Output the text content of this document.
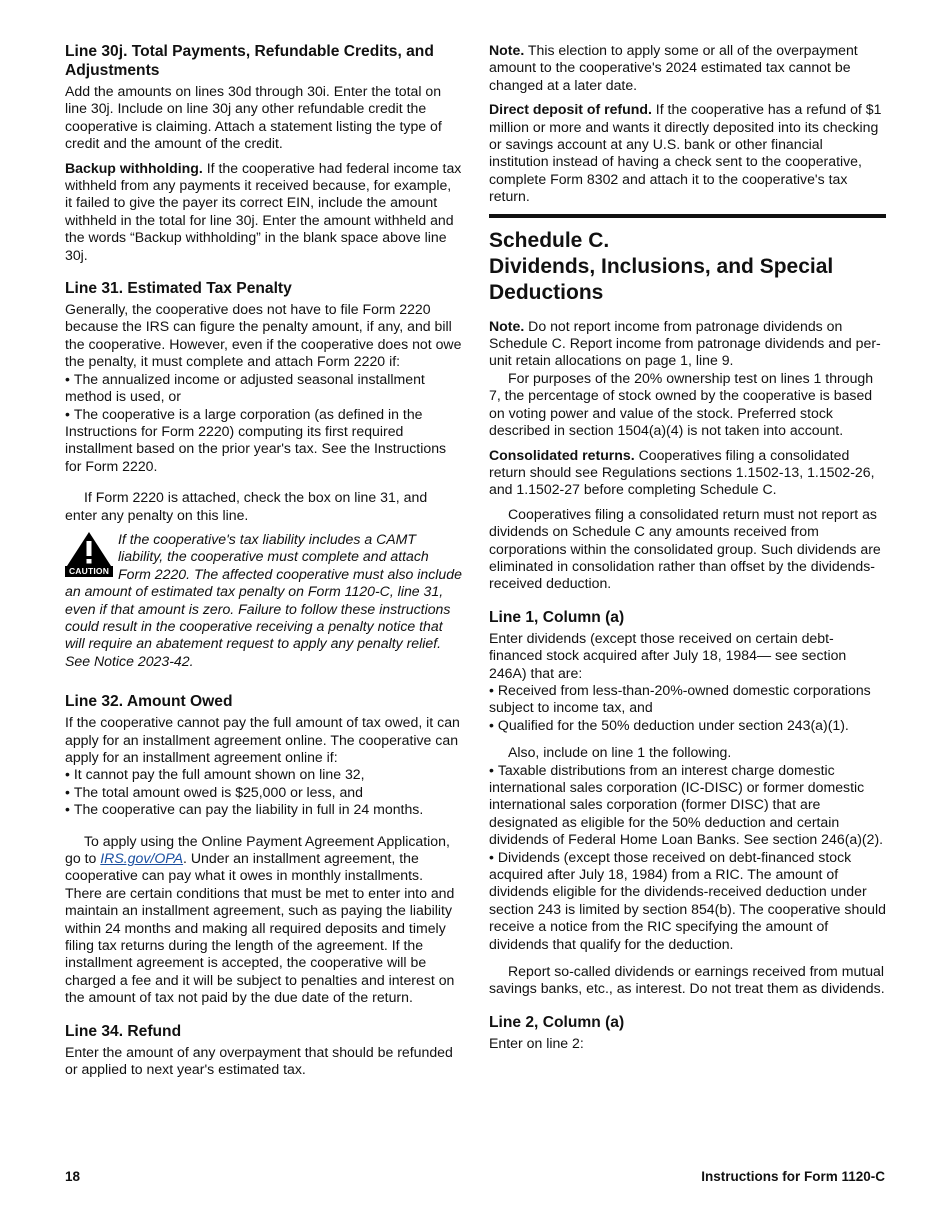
Line 30j. Total Payments, Refundable Credits, and Adjustments

Add the amounts on lines 30d through 30i. Enter the total on line 30j. Include on line 30j any other refundable credit the cooperative is claiming. Attach a statement listing the type of credit and the amount of the credit.

Backup withholding. If the cooperative had federal income tax withheld from any payments it received because, for example, it failed to give the payer its correct EIN, include the amount withheld in the total for line 30j. Enter the amount withheld and the words “Backup withholding” in the blank space above line 30j.

Line 31. Estimated Tax Penalty

Generally, the cooperative does not have to file Form 2220 because the IRS can figure the penalty amount, if any, and bill the cooperative. However, even if the cooperative does not owe the penalty, it must complete and attach Form 2220 if:

• The annualized income or adjusted seasonal installment method is used, or
• The cooperative is a large corporation (as defined in the Instructions for Form 2220) computing its first required installment based on the prior year's tax. See the Instructions for Form 2220.

If Form 2220 is attached, check the box on line 31, and enter any penalty on this line.

CAUTION
If the cooperative's tax liability includes a CAMT liability, the cooperative must complete and attach Form 2220. The affected cooperative must also include an amount of estimated tax penalty on Form 1120-C, line 31, even if that amount is zero. Failure to follow these instructions could result in the cooperative receiving a penalty notice that will require an abatement request to apply any penalty relief. See Notice 2023-42.
Line 32. Amount Owed

If the cooperative cannot pay the full amount of tax owed, it can apply for an installment agreement online. The cooperative can apply for an installment agreement online if:

• It cannot pay the full amount shown on line 32,
• The total amount owed is $25,000 or less, and
• The cooperative can pay the liability in full in 24 months.

To apply using the Online Payment Agreement Application, go to IRS.gov/OPA. Under an installment agreement, the cooperative can pay what it owes in monthly installments. There are certain conditions that must be met to enter into and maintain an installment agreement, such as paying the liability within 24 months and making all required deposits and timely filing tax returns during the length of the agreement. If the installment agreement is accepted, the cooperative will be charged a fee and it will be subject to penalties and interest on the amount of tax not paid by the due date of the return.

Line 34. Refund

Enter the amount of any overpayment that should be refunded or applied to next year's estimated tax.

Note. This election to apply some or all of the overpayment amount to the cooperative's 2024 estimated tax cannot be changed at a later date.

Direct deposit of refund. If the cooperative has a refund of $1 million or more and wants it directly deposited into its checking or savings account at any U.S. bank or other financial institution instead of having a check sent to the cooperative, complete Form 8302 and attach it to the cooperative's tax return.

Schedule C.
Dividends, Inclusions, and Special Deductions

Note. Do not report income from patronage dividends on Schedule C. Report income from patronage dividends and per-unit retain allocations on page 1, line 9.

For purposes of the 20% ownership test on lines 1 through 7, the percentage of stock owned by the cooperative is based on voting power and value of the stock. Preferred stock described in section 1504(a)(4) is not taken into account.

Consolidated returns. Cooperatives filing a consolidated return should see Regulations sections 1.1502-13, 1.1502-26, and 1.1502-27 before completing Schedule C.

Cooperatives filing a consolidated return must not report as dividends on Schedule C any amounts received from corporations within the consolidated group. Such dividends are eliminated in consolidation rather than offset by the dividends-received deduction.

Line 1, Column (a)

Enter dividends (except those received on certain debt-financed stock acquired after July 18, 1984— see section 246A) that are:

• Received from less-than-20%-owned domestic corporations subject to income tax, and
• Qualified for the 50% deduction under section 243(a)(1).

Also, include on line 1 the following.

• Taxable distributions from an interest charge domestic international sales corporation (IC-DISC) or former domestic international sales corporation (former DISC) that are designated as eligible for the 50% deduction and certain dividends of Federal Home Loan Banks. See section 246(a)(2).
• Dividends (except those received on debt-financed stock acquired after July 18, 1984) from a RIC. The amount of dividends eligible for the dividends-received deduction under section 243 is limited by section 854(b). The cooperative should receive a notice from the RIC specifying the amount of dividends that qualify for the deduction.

Report so-called dividends or earnings received from mutual savings banks, etc., as interest. Do not treat them as dividends.

Line 2, Column (a)

Enter on line 2:

18	Instructions for Form 1120-C
